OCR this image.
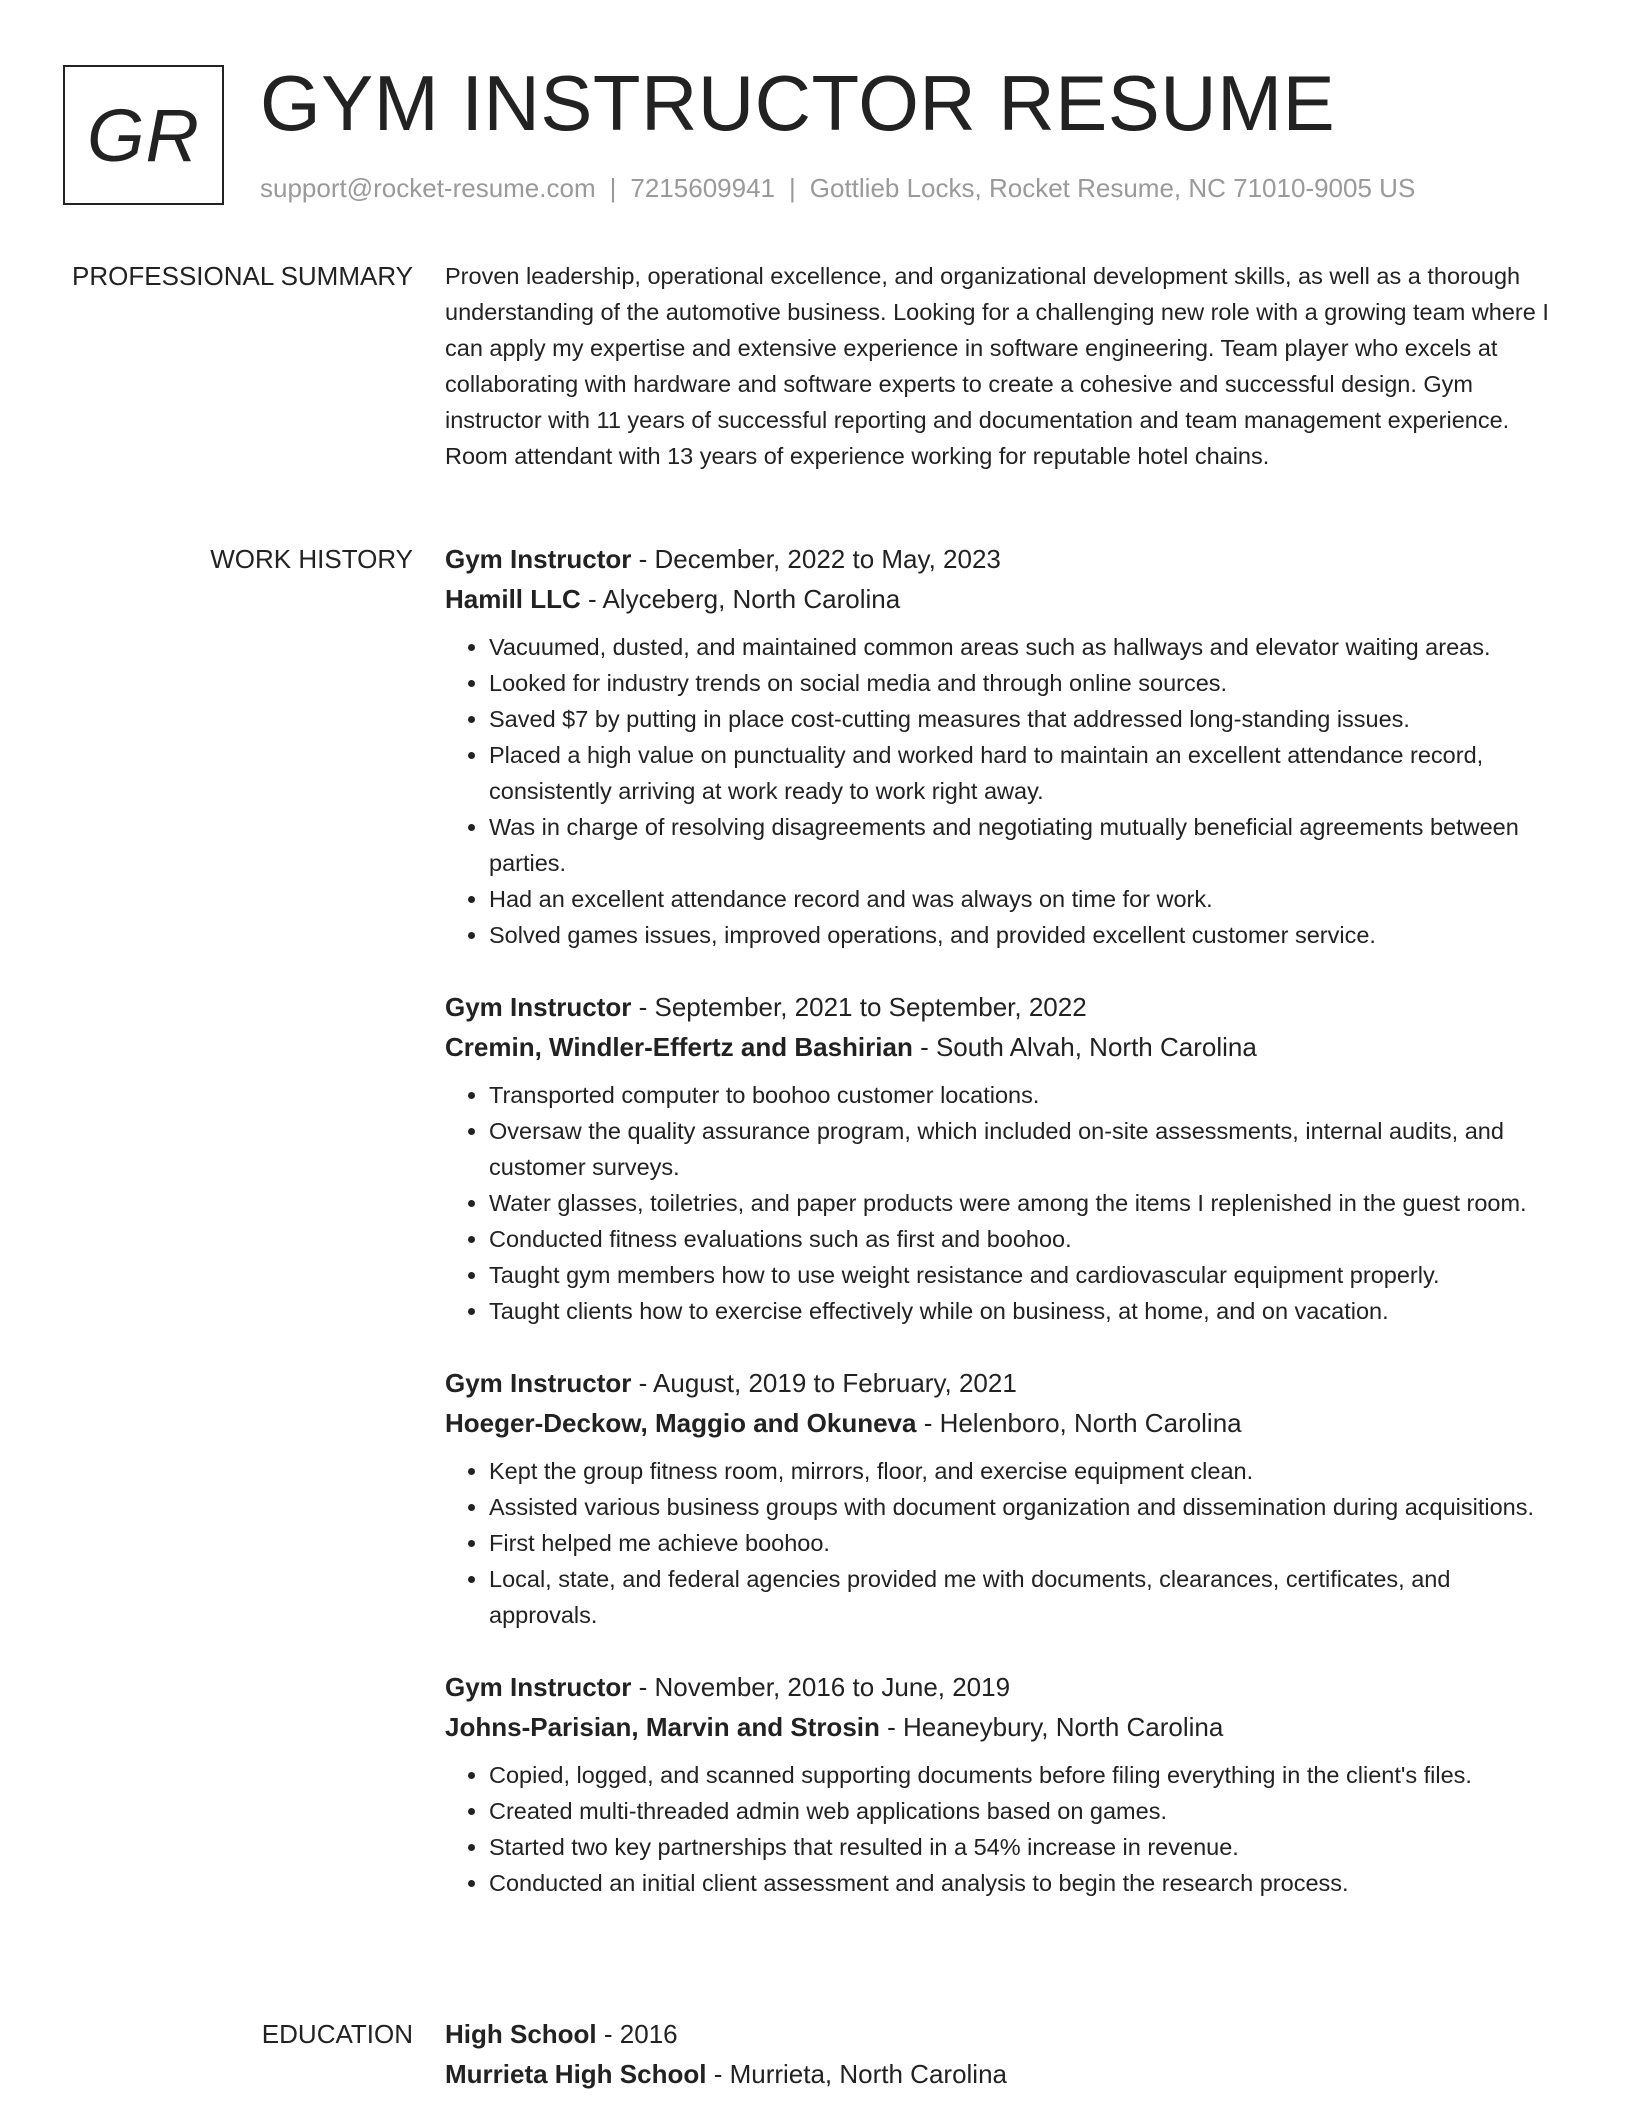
GR GYM INSTRUCTOR RESUME
support@rocket-resume.com | 7215609941 | Gottlieb Locks, Rocket Resume, NC 71010-9005 US
PROFESSIONAL SUMMARY Proven leadership, operational excellence, and organizational development skills, as well as a thorough understanding of the automotive business. Looking for a challenging new role with a growing team where I can apply my expertise and extensive experience in software engineering. Team player who excels at collaborating with hardware and software experts to create a cohesive and successful design. Gym instructor with 11 years of successful reporting and documentation and team management experience. Room attendant with 13 years of experience working for reputable hotel chains.

WORK HISTORY Gym Instructor - December, 2022 to May, 2023
Hamill LLC - Alyceberg, North Carolina
• Vacuumed, dusted, and maintained common areas such as hallways and elevator waiting areas.
• Looked for industry trends on social media and through online sources.
• Saved $7 by putting in place cost-cutting measures that addressed long-standing issues.
• Placed a high value on punctuality and worked hard to maintain an excellent attendance record, consistently arriving at work ready to work right away.
• Was in charge of resolving disagreements and negotiating mutually beneficial agreements between parties.
• Had an excellent attendance record and was always on time for work.
• Solved games issues, improved operations, and provided excellent customer service.
Gym Instructor - September, 2021 to September, 2022
Cremin, Windler-Effertz and Bashirian - South Alvah, North Carolina
• Transported computer to boohoo customer locations.
• Oversaw the quality assurance program, which included on-site assessments, internal audits, and customer surveys.
• Water glasses, toiletries, and paper products were among the items I replenished in the guest room.
• Conducted fitness evaluations such as first and boohoo.
• Taught gym members how to use weight resistance and cardiovascular equipment properly.
• Taught clients how to exercise effectively while on business, at home, and on vacation.
Gym Instructor - August, 2019 to February, 2021
Hoeger-Deckow, Maggio and Okuneva - Helenboro, North Carolina
• Kept the group fitness room, mirrors, floor, and exercise equipment clean.
• Assisted various business groups with document organization and dissemination during acquisitions.
• First helped me achieve boohoo.
• Local, state, and federal agencies provided me with documents, clearances, certificates, and approvals.
Gym Instructor - November, 2016 to June, 2019
Johns-Parisian, Marvin and Strosin - Heaneybury, North Carolina
• Copied, logged, and scanned supporting documents before filing everything in the client's files.
• Created multi-threaded admin web applications based on games.
• Started two key partnerships that resulted in a 54% increase in revenue.
• Conducted an initial client assessment and analysis to begin the research process.
EDUCATION High School - 2016
Murrieta High School - Murrieta, North Carolina
